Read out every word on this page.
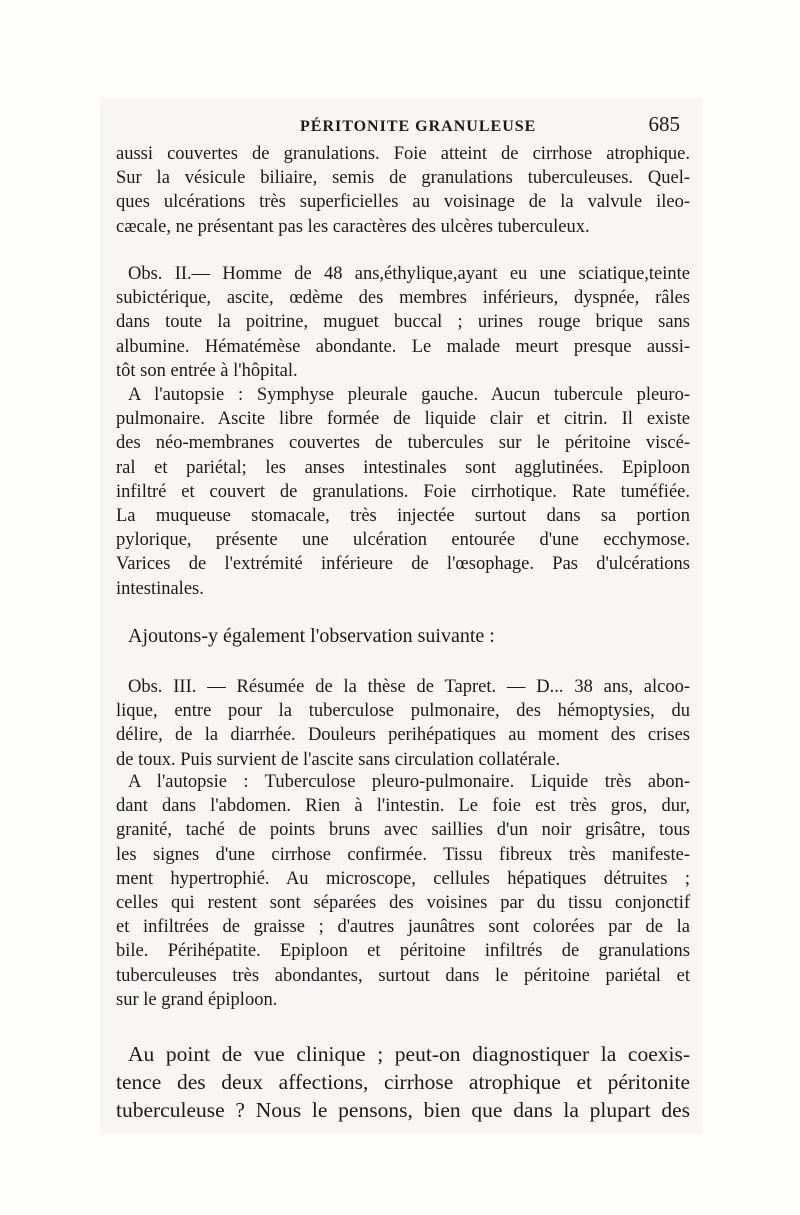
PÉRITONITE GRANULEUSE	685

aussi couvertes de granulations. Foie atteint de cirrhose atrophique.
Sur la vésicule biliaire, semis de granulations tuberculeuses. Quel-
ques ulcérations très superficielles au voisinage de la valvule ileo-
cæcale, ne présentant pas les caractères des ulcères tuberculeux.

Obs. II.— Homme de 48 ans,éthylique,ayant eu une sciatique,teinte
subictérique, ascite, œdème des membres inférieurs, dyspnée, râles
dans toute la poitrine, muguet buccal ; urines rouge brique sans
albumine. Hématémèse abondante. Le malade meurt presque aussi-
tôt son entrée à l'hôpital.

A l'autopsie : Symphyse pleurale gauche. Aucun tubercule pleuro-
pulmonaire. Ascite libre formée de liquide clair et citrin. Il existe
des néo-membranes couvertes de tubercules sur le péritoine viscé-
ral et pariétal; les anses intestinales sont agglutinées. Epiploon
infiltré et couvert de granulations. Foie cirrhotique. Rate tuméfiée.
La muqueuse stomacale, très injectée surtout dans sa portion
pylorique, présente une ulcération entourée d'une ecchymose.
Varices de l'extrémité inférieure de l'œsophage. Pas d'ulcérations
intestinales.

Ajoutons-y également l'observation suivante :

Obs. III. — Résumée de la thèse de Tapret. — D... 38 ans, alcoo-
lique, entre pour la tuberculose pulmonaire, des hémoptysies, du
délire, de la diarrhée. Douleurs perihépatiques au moment des crises
de toux. Puis survient de l'ascite sans circulation collatérale.

A l'autopsie : Tuberculose pleuro-pulmonaire. Liquide très abon-
dant dans l'abdomen. Rien à l'intestin. Le foie est très gros, dur,
granité, taché de points bruns avec saillies d'un noir grisâtre, tous
les signes d'une cirrhose confirmée. Tissu fibreux très manifeste-
ment hypertrophié. Au microscope, cellules hépatiques détruites ;
celles qui restent sont séparées des voisines par du tissu conjonctif
et infiltrées de graisse ; d'autres jaunâtres sont colorées par de la
bile. Périhépatite. Epiploon et péritoine infiltrés de granulations
tuberculeuses très abondantes, surtout dans le péritoine pariétal et
sur le grand épiploon.

Au point de vue clinique ; peut-on diagnostiquer la coexis-
tence des deux affections, cirrhose atrophique et péritonite
tuberculeuse ? Nous le pensons, bien que dans la plupart des
